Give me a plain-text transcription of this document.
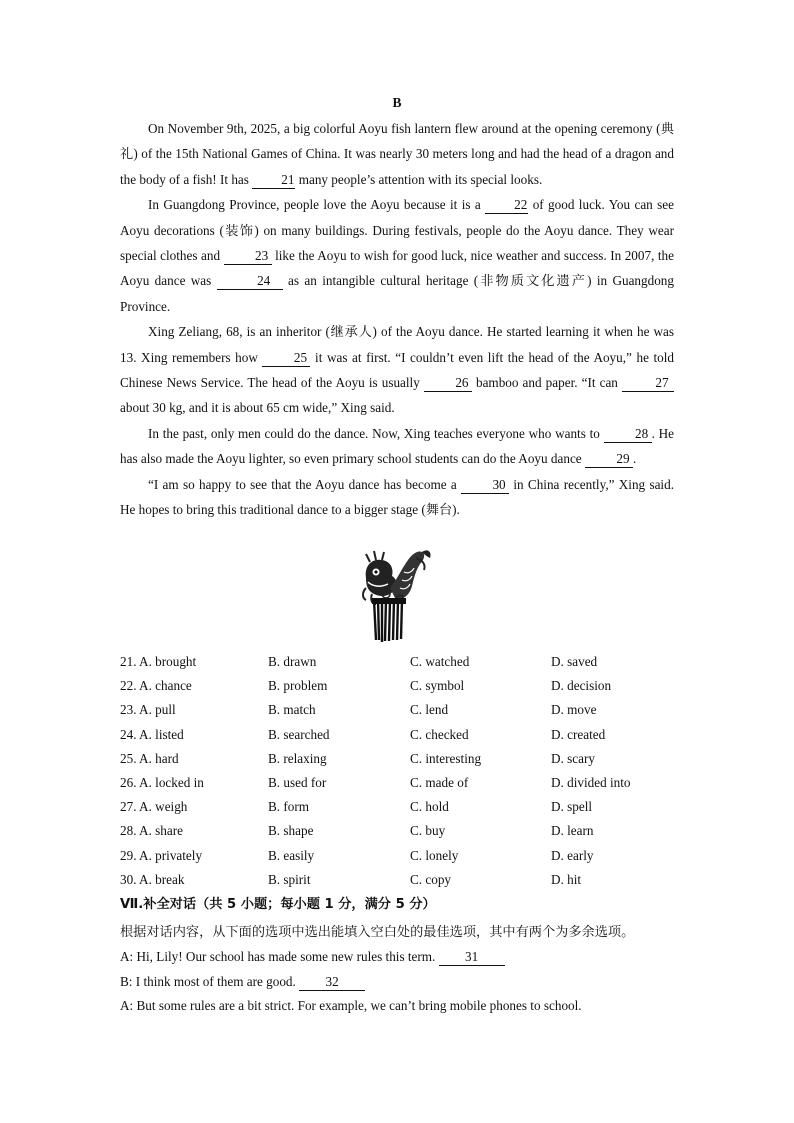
B

On November 9th, 2025, a big colorful Aoyu fish lantern flew around at the opening ceremony (典礼) of the 15th National Games of China. It was nearly 30 meters long and had the head of a dragon and the body of a fish! It has 21 many people’s attention with its special looks.

In Guangdong Province, people love the Aoyu because it is a 22 of good luck. You can see Aoyu decorations (装饰) on many buildings. During festivals, people do the Aoyu dance. They wear special clothes and 23 like the Aoyu to wish for good luck, nice weather and success. In 2007, the Aoyu dance was	24 as an intangible cultural heritage (非物质文化遗产) in Guangdong Province.

Xing Zeliang, 68, is an inheritor (继承人) of the Aoyu dance. He started learning it when he was 13. Xing remembers how 25 it was at first. “I couldn’t even lift the head of the Aoyu,” he told Chinese News Service. The head of the Aoyu is usually 26 bamboo and paper. “It can	27 about 30 kg, and it is about 65 cm wide,” Xing said.

In the past, only men could do the dance. Now, Xing teaches everyone who wants to 28 . He has also made the Aoyu lighter, so even primary school students can do the Aoyu dance 29 .

“I am so happy to see that the Aoyu dance has become a 30 in China recently,” Xing said. He hopes to bring this traditional dance to a bigger stage (舞台).

21. A. brought	B. drawn	C. watched	D. saved
22. A. chance	B. problem	C. symbol	D. decision
23. A. pull	B. match	C. lend	D. move
24. A. listed	B. searched	C. checked	D. created
25. A. hard	B. relaxing	C. interesting	D. scary
26. A. locked in	B. used for	C. made of	D. divided into
27. A. weigh	B. form	C. hold	D. spell
28. A. share	B. shape	C. buy	D. learn
29. A. privately	B. easily	C. lonely	D. early
30. A. break	B. spirit	C. copy	D. hit
Ⅶ.补全对话（共 5 小题；每小题 1 分，满分 5 分）
根据对话内容，从下面的选项中选出能填入空白处的最佳选项，其中有两个为多余选项。
A: Hi, Lily! Our school has made some new rules this term. 31
B: I think most of them are good. 32
A: But some rules are a bit strict. For example, we can’t bring mobile phones to school.
